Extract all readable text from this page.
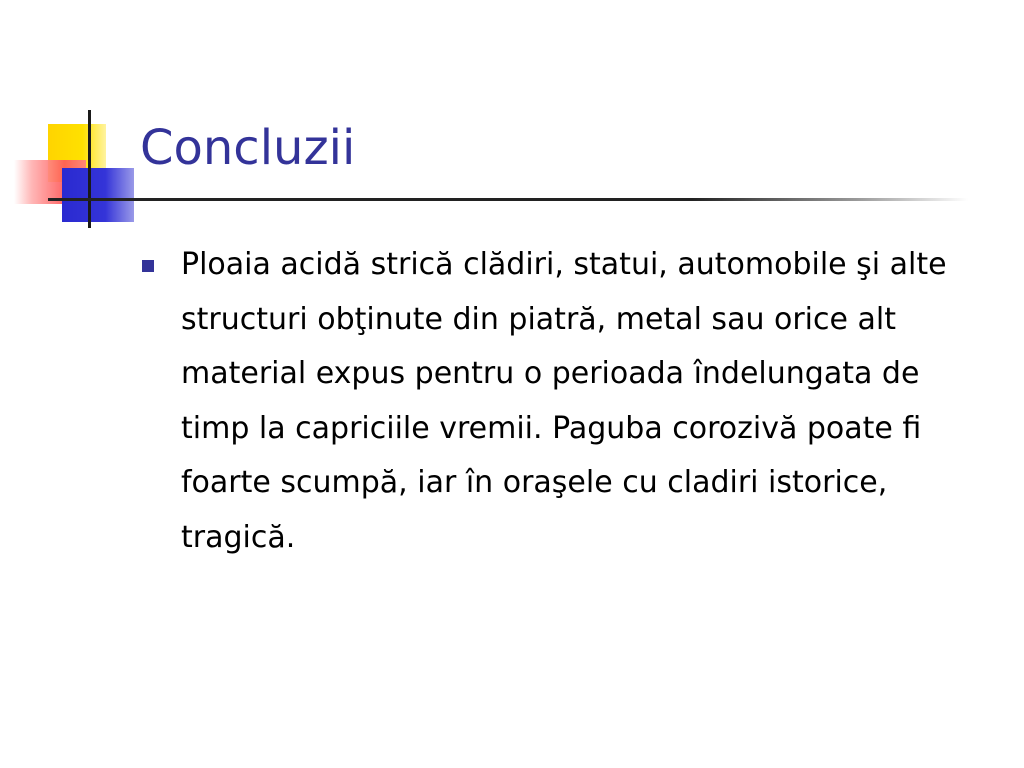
Concluzii

Ploaia acidă strică clădiri, statui, automobile şi alte structuri obţinute din piatră, metal sau orice alt material expus pentru o perioada îndelungata de timp la capriciile vremii. Paguba corozivă poate fi foarte scumpă, iar în oraşele cu cladiri istorice, tragică.
